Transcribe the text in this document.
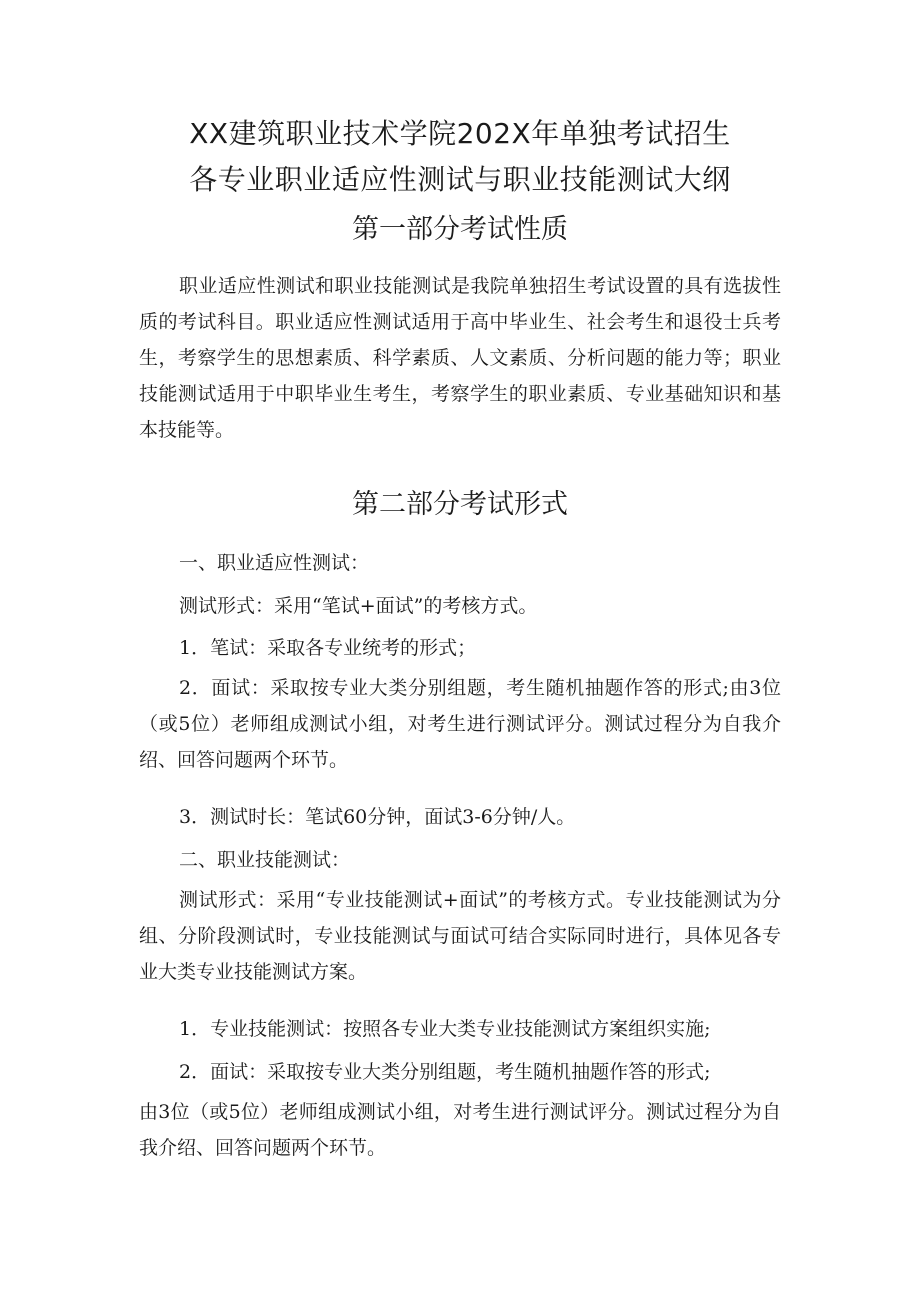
XX建筑职业技术学院202X年单独考试招生
各专业职业适应性测试与职业技能测试大纲
第一部分考试性质

职业适应性测试和职业技能测试是我院单独招生考试设置的具有选拔性质的考试科目。职业适应性测试适用于高中毕业生、社会考生和退役士兵考生，考察学生的思想素质、科学素质、人文素质、分析问题的能力等；职业技能测试适用于中职毕业生考生，考察学生的职业素质、专业基础知识和基本技能等。

第二部分考试形式

一、职业适应性测试：

测试形式：采用“笔试+面试”的考核方式。

1．笔试：采取各专业统考的形式；

2．面试：采取按专业大类分别组题，考生随机抽题作答的形式;由3位（或5位）老师组成测试小组，对考生进行测试评分。测试过程分为自我介绍、回答问题两个环节。

3．测试时长：笔试60分钟，面试3-6分钟/人。

二、职业技能测试：

测试形式：采用“专业技能测试+面试”的考核方式。专业技能测试为分组、分阶段测试时，专业技能测试与面试可结合实际同时进行，具体见各专业大类专业技能测试方案。

1．专业技能测试：按照各专业大类专业技能测试方案组织实施;

2．面试：采取按专业大类分别组题，考生随机抽题作答的形式;

由3位（或5位）老师组成测试小组，对考生进行测试评分。测试过程分为自我介绍、回答问题两个环节。
